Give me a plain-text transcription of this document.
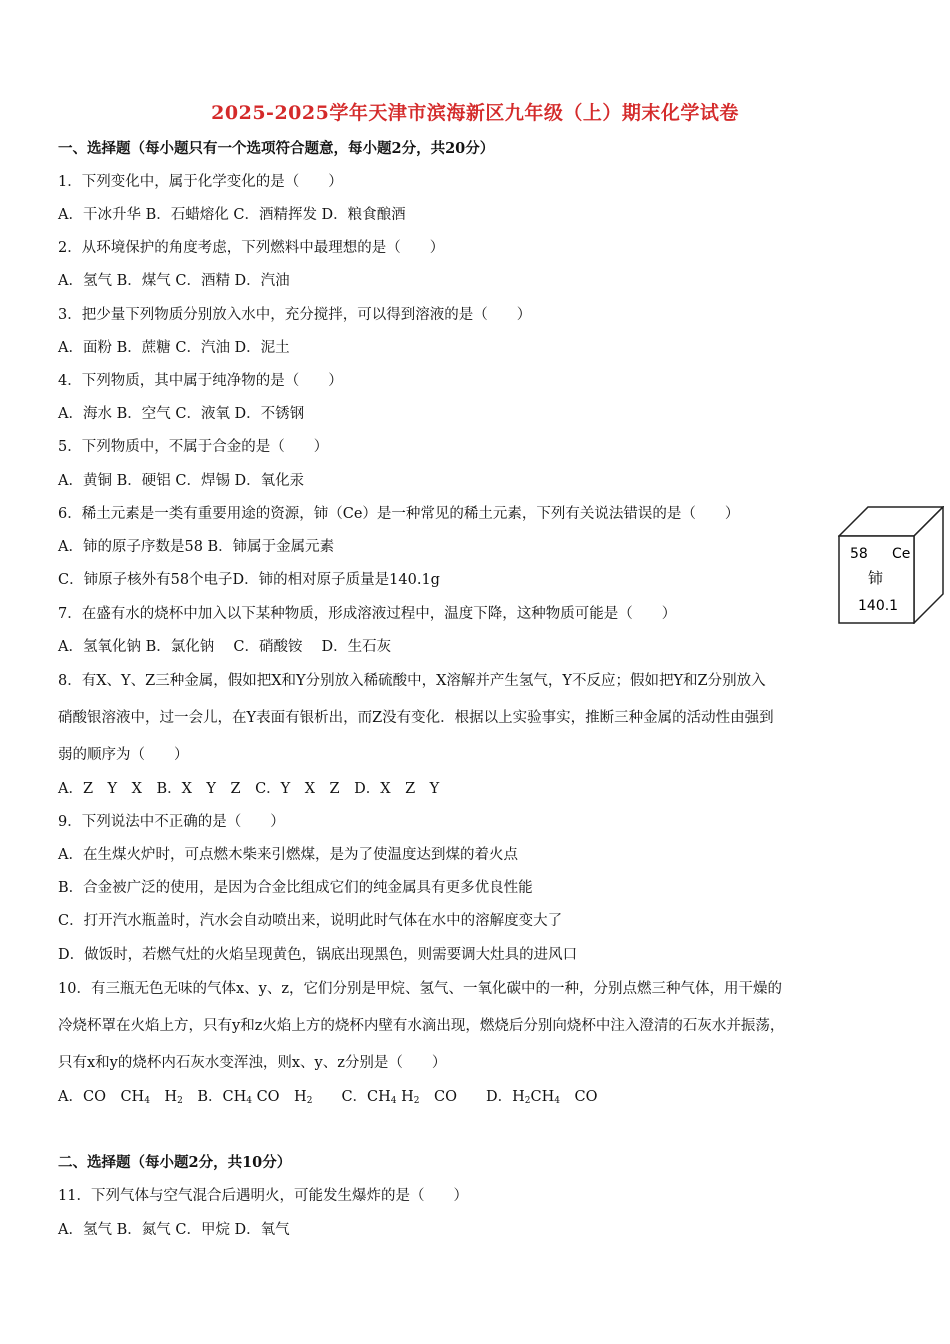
2025-2025学年天津市滨海新区九年级（上）期末化学试卷
一、选择题（每小题只有一个选项符合题意，每小题2分，共20分）
1．下列变化中，属于化学变化的是（　　）
A．干冰升华 B．石蜡熔化 C．酒精挥发 D．粮食酿酒
2．从环境保护的角度考虑，下列燃料中最理想的是（　　）
A．氢气 B．煤气 C．酒精 D．汽油
3．把少量下列物质分别放入水中，充分搅拌，可以得到溶液的是（　　）
A．面粉 B．蔗糖 C．汽油 D．泥土
4．下列物质，其中属于纯净物的是（　　）
A．海水 B．空气 C．液氧 D．不锈钢
5．下列物质中，不属于合金的是（　　）
A．黄铜 B．硬铝 C．焊锡 D．氧化汞
6．稀土元素是一类有重要用途的资源，铈（Ce）是一种常见的稀土元素，下列有关说法错误的是（　　）
A．铈的原子序数是58 B．铈属于金属元素
C．铈原子核外有58个电子D．铈的相对原子质量是140.1g
58 Ce
铈
140.1
7．在盛有水的烧杯中加入以下某种物质，形成溶液过程中，温度下降，这种物质可能是（　　）
A．氢氧化钠 B．氯化钠　 C．硝酸铵　 D．生石灰
8．有X、Y、Z三种金属，假如把X和Y分别放入稀硫酸中，X溶解并产生氢气，Y不反应；假如把Y和Z分别放入
硝酸银溶液中，过一会儿，在Y表面有银析出，而Z没有变化．根据以上实验事实，推断三种金属的活动性由强到
弱的顺序为（　　）
A．Z　Y　X　B．X　Y　Z　C．Y　X　Z　D．X　Z　Y
9．下列说法中不正确的是（　　）
A．在生煤火炉时，可点燃木柴来引燃煤，是为了使温度达到煤的着火点
B．合金被广泛的使用，是因为合金比组成它们的纯金属具有更多优良性能
C．打开汽水瓶盖时，汽水会自动喷出来，说明此时气体在水中的溶解度变大了
D．做饭时，若燃气灶的火焰呈现黄色，锅底出现黑色，则需要调大灶具的进风口
10．有三瓶无色无味的气体x、y、z，它们分别是甲烷、氢气、一氧化碳中的一种，分别点燃三种气体，用干燥的
冷烧杯罩在火焰上方，只有y和z火焰上方的烧杯内壁有水滴出现，燃烧后分别向烧杯中注入澄清的石灰水并振荡，
只有x和y的烧杯内石灰水变浑浊，则x、y、z分别是（　　）
A．CO　$CH_4$　$H_2$　B．$CH_4$ CO　$H_2$　　C．$CH_4$ $H_2$　CO　　D．$H_2CH_4$　CO
二、选择题（每小题2分，共10分）
11．下列气体与空气混合后遇明火，可能发生爆炸的是（　　）
A．氢气 B．氮气 C．甲烷 D．氧气
